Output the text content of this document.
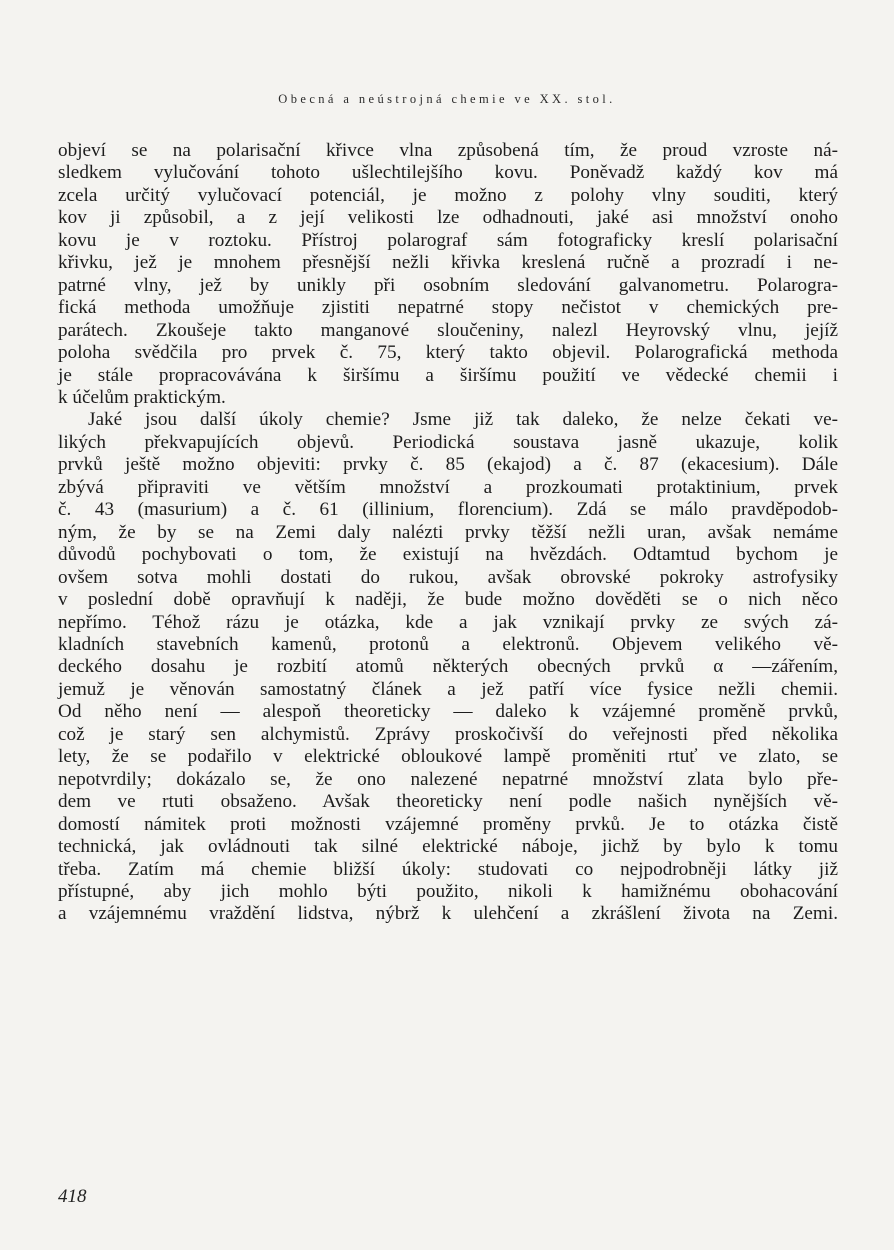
Obecná a neústrojná chemie ve XX. stol.
objeví se na polarisační křivce vlna způsobená tím, že proud vzroste ná-
sledkem vylučování tohoto ušlechtilejšího kovu. Poněvadž každý kov má
zcela určitý vylučovací potenciál, je možno z polohy vlny souditi, který
kov ji způsobil, a z její velikosti lze odhadnouti, jaké asi množství onoho
kovu je v roztoku. Přístroj polarograf sám fotograficky kreslí polarisační
křivku, jež je mnohem přesnější nežli křivka kreslená ručně a prozradí i ne-
patrné vlny, jež by unikly při osobním sledování galvanometru. Polarogra-
fická methoda umožňuje zjistiti nepatrné stopy nečistot v chemických pre-
parátech. Zkoušeje takto manganové sloučeniny, nalezl Heyrovský vlnu, jejíž
poloha svědčila pro prvek č. 75, který takto objevil. Polarografická methoda
je stále propracovávána k širšímu a širšímu použití ve vědecké chemii i
k účelům praktickým.
Jaké jsou další úkoly chemie? Jsme již tak daleko, že nelze čekati ve-
likých překvapujících objevů. Periodická soustava jasně ukazuje, kolik
prvků ještě možno objeviti: prvky č. 85 (ekajod) a č. 87 (ekacesium). Dále
zbývá připraviti ve větším množství a prozkoumati protaktinium, prvek
č. 43 (masurium) a č. 61 (illinium, florencium). Zdá se málo pravděpodob-
ným, že by se na Zemi daly nalézti prvky těžší nežli uran, avšak nemáme
důvodů pochybovati o tom, že existují na hvězdách. Odtamtud bychom je
ovšem sotva mohli dostati do rukou, avšak obrovské pokroky astrofysiky
v poslední době opravňují k naději, že bude možno dověděti se o nich něco
nepřímo. Téhož rázu je otázka, kde a jak vznikají prvky ze svých zá-
kladních stavebních kamenů, protonů a elektronů. Objevem velikého vě-
deckého dosahu je rozbití atomů některých obecných prvků α —zářením,
jemuž je věnován samostatný článek a jež patří více fysice nežli chemii.
Od něho není — alespoň theoreticky — daleko k vzájemné proměně prvků,
což je starý sen alchymistů. Zprávy proskočivší do veřejnosti před několika
lety, že se podařilo v elektrické obloukové lampě proměniti rtuť ve zlato, se
nepotvrdily; dokázalo se, že ono nalezené nepatrné množství zlata bylo pře-
dem ve rtuti obsaženo. Avšak theoreticky není podle našich nynějších vě-
domostí námitek proti možnosti vzájemné proměny prvků. Je to otázka čistě
technická, jak ovládnouti tak silné elektrické náboje, jichž by bylo k tomu
třeba. Zatím má chemie bližší úkoly: studovati co nejpodrobněji látky již
přístupné, aby jich mohlo býti použito, nikoli k hamižnému obohacování
a vzájemnému vraždění lidstva, nýbrž k ulehčení a zkrášlení života na Zemi.
418
